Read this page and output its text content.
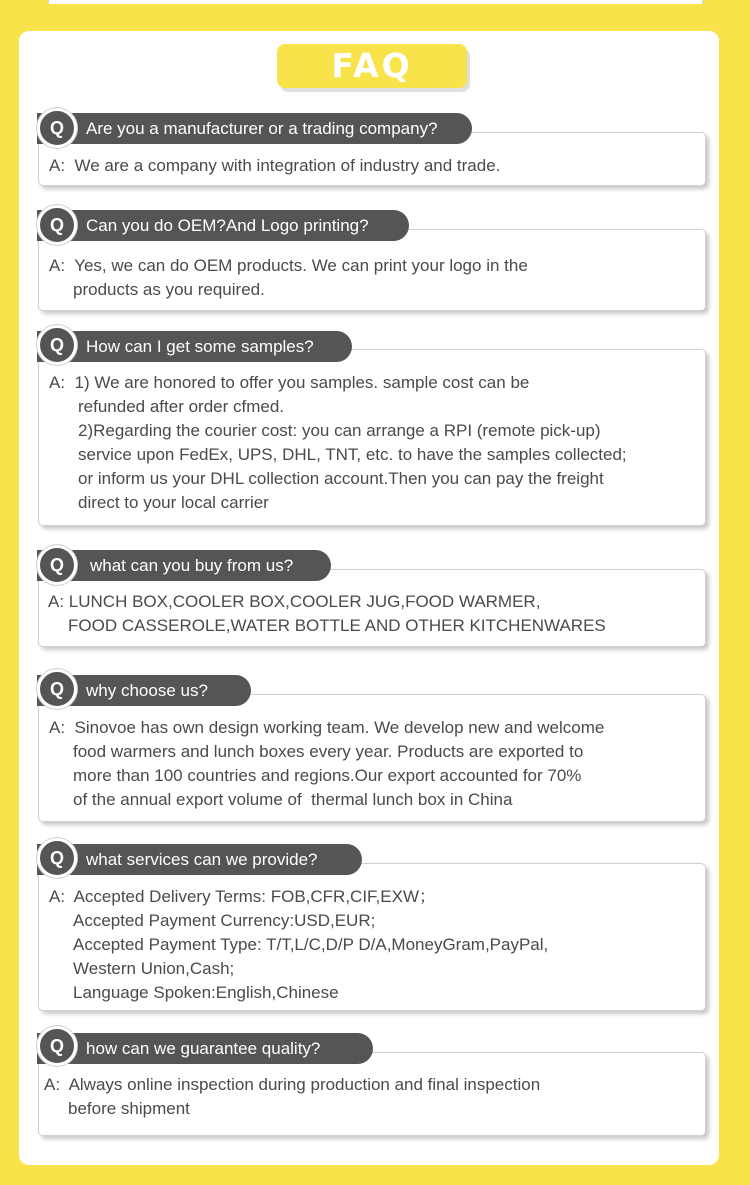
FAQ
A:  We are a company with integration of industry and trade.
Are you a manufacturer or a trading company?
Q
A:  Yes, we can do OEM products. We can print your logo in the
products as you required.
Can you do OEM?And Logo printing?
Q
A:  1) We are honored to offer you samples. sample cost can be
refunded after order cfmed.
2)Regarding the courier cost: you can arrange a RPI (remote pick-up)
service upon FedEx, UPS, DHL, TNT, etc. to have the samples collected;
or inform us your DHL collection account.Then you can pay the freight
direct to your local carrier
How can I get some samples?
Q
A: LUNCH BOX,COOLER BOX,COOLER JUG,FOOD WARMER,
FOOD CASSEROLE,WATER BOTTLE AND OTHER KITCHENWARES
what can you buy from us?
Q
A:  Sinovoe has own design working team. We develop new and welcome
food warmers and lunch boxes every year. Products are exported to
more than 100 countries and regions.Our export accounted for 70%
of the annual export volume of  thermal lunch box in China
why choose us?
Q
A:  Accepted Delivery Terms: FOB,CFR,CIF,EXW；
Accepted Payment Currency:USD,EUR;
Accepted Payment Type: T/T,L/C,D/P D/A,MoneyGram,PayPal,
Western Union,Cash;
Language Spoken:English,Chinese
what services can we provide?
Q
A:  Always online inspection during production and final inspection
before shipment
how can we guarantee quality?
Q
